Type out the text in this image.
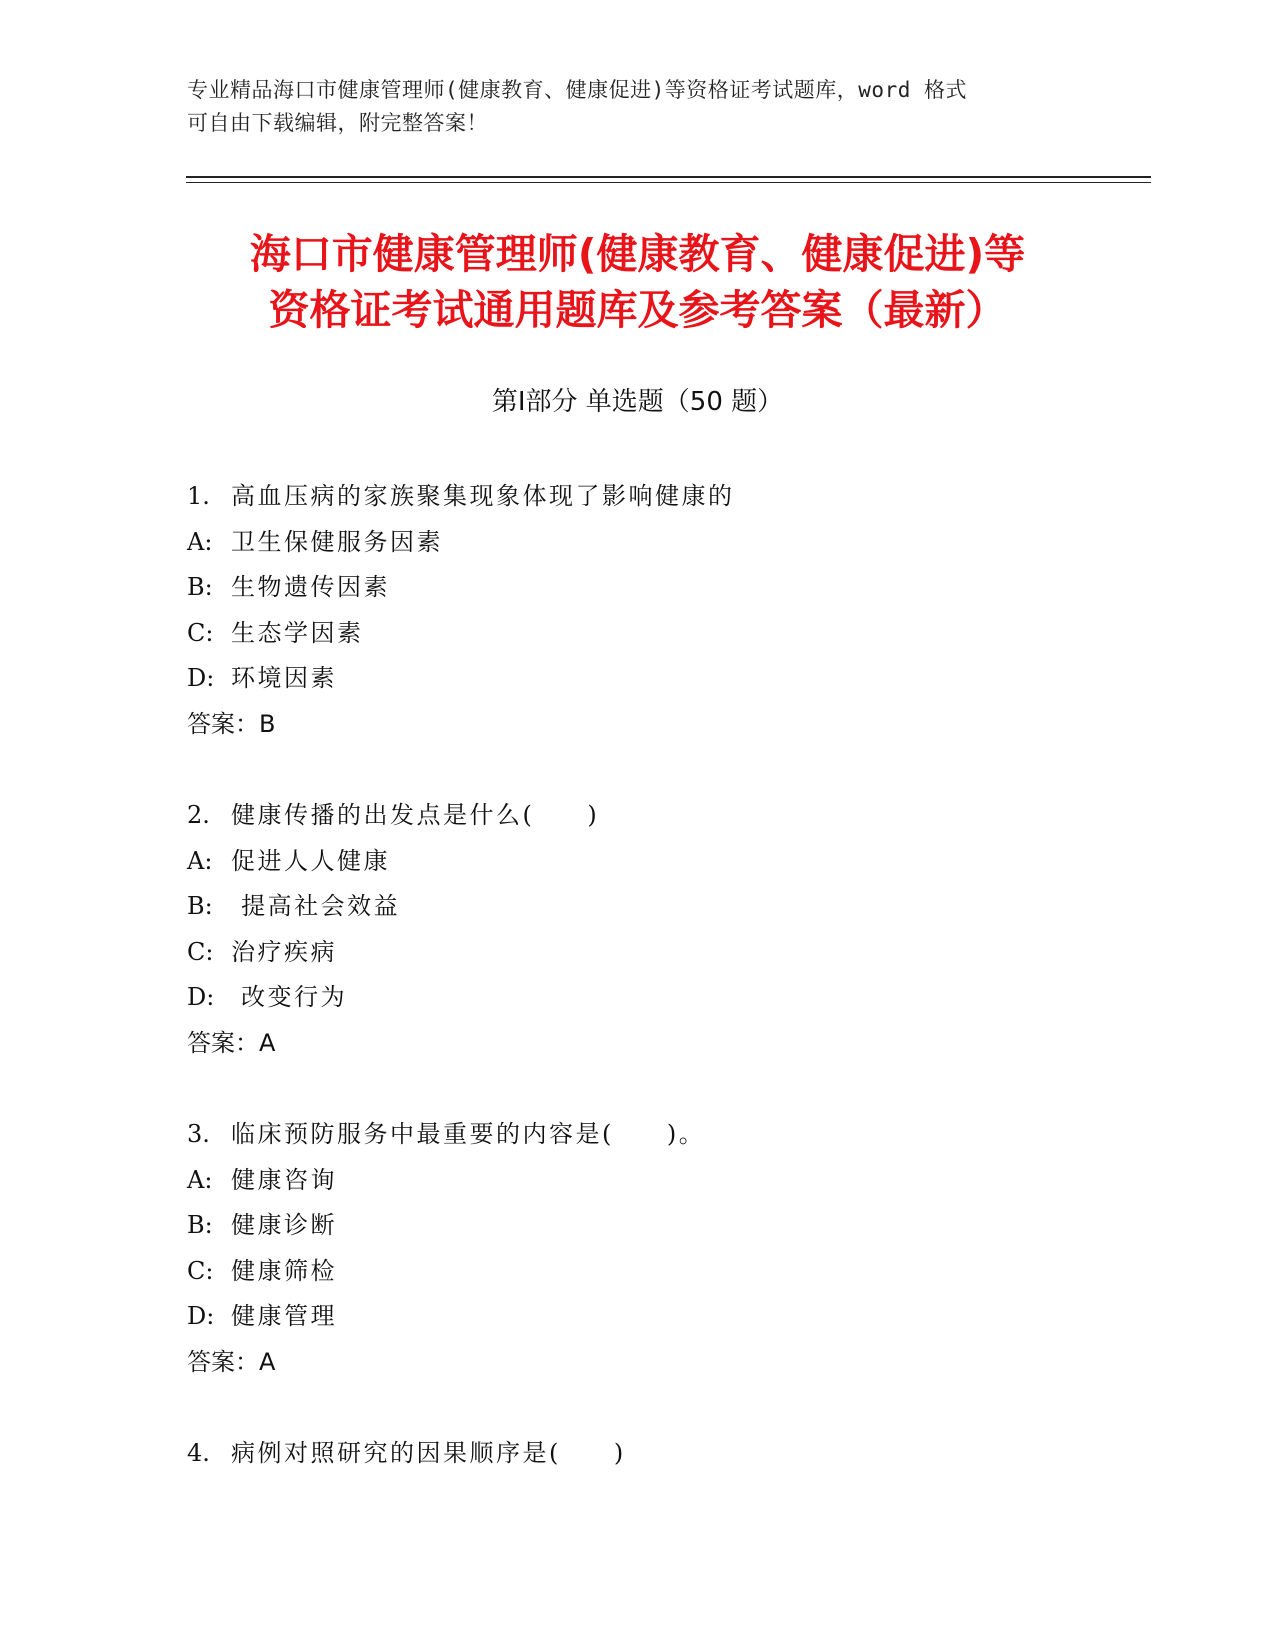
专业精品海口市健康管理师(健康教育、健康促进)等资格证考试题库，word 格式
可自由下载编辑，附完整答案！
海口市健康管理师(健康教育、健康促进)等
资格证考试通用题库及参考答案（最新）
第Ⅰ部分 单选题（50 题）
1. 高血压病的家族聚集现象体现了影响健康的
A: 卫生保健服务因素
B: 生物遗传因素
C: 生态学因素
D: 环境因素
答案：B
2. 健康传播的出发点是什么(　　)
A: 促进人人健康
B: 提高社会效益
C: 治疗疾病
D: 改变行为
答案：A
3. 临床预防服务中最重要的内容是(　　)。
A: 健康咨询
B: 健康诊断
C: 健康筛检
D: 健康管理
答案：A
4. 病例对照研究的因果顺序是(　　)
